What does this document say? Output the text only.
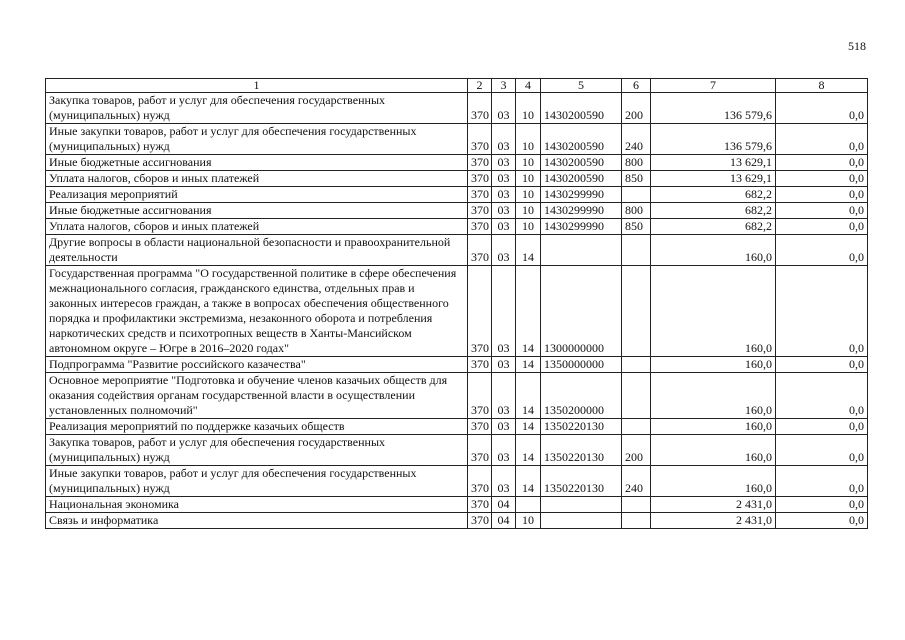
518
1	2	3	4	5	6	7	8
Закупка товаров, работ и услуг для обеспечения государственных (муниципальных) нужд	370	03	10	1430200590	200	136 579,6	0,0
Иные закупки товаров, работ и услуг для обеспечения государственных (муниципальных) нужд	370	03	10	1430200590	240	136 579,6	0,0
Иные бюджетные ассигнования	370	03	10	1430200590	800	13 629,1	0,0
Уплата налогов, сборов и иных платежей	370	03	10	1430200590	850	13 629,1	0,0
Реализация мероприятий	370	03	10	1430299990		682,2	0,0
Иные бюджетные ассигнования	370	03	10	1430299990	800	682,2	0,0
Уплата налогов, сборов и иных платежей	370	03	10	1430299990	850	682,2	0,0
Другие вопросы в области национальной безопасности и правоохранительной деятельности	370	03	14			160,0	0,0
Государственная программа "О государственной политике в сфере обеспечения межнационального согласия, гражданского единства, отдельных прав и законных интересов граждан, а также в вопросах обеспечения общественного порядка и профилактики экстремизма, незаконного оборота и потребления наркотических средств и психотропных веществ в Ханты-Мансийском автономном округе – Югре в 2016–2020 годах"	370	03	14	1300000000		160,0	0,0
Подпрограмма "Развитие российского казачества"	370	03	14	1350000000		160,0	0,0
Основное мероприятие "Подготовка и обучение членов казачьих обществ для оказания содействия органам государственной власти в осуществлении установленных полномочий"	370	03	14	1350200000		160,0	0,0
Реализация мероприятий по поддержке казачьих обществ	370	03	14	1350220130		160,0	0,0
Закупка товаров, работ и услуг для обеспечения государственных (муниципальных) нужд	370	03	14	1350220130	200	160,0	0,0
Иные закупки товаров, работ и услуг для обеспечения государственных (муниципальных) нужд	370	03	14	1350220130	240	160,0	0,0
Национальная экономика	370	04				2 431,0	0,0
Связь и информатика	370	04	10			2 431,0	0,0
